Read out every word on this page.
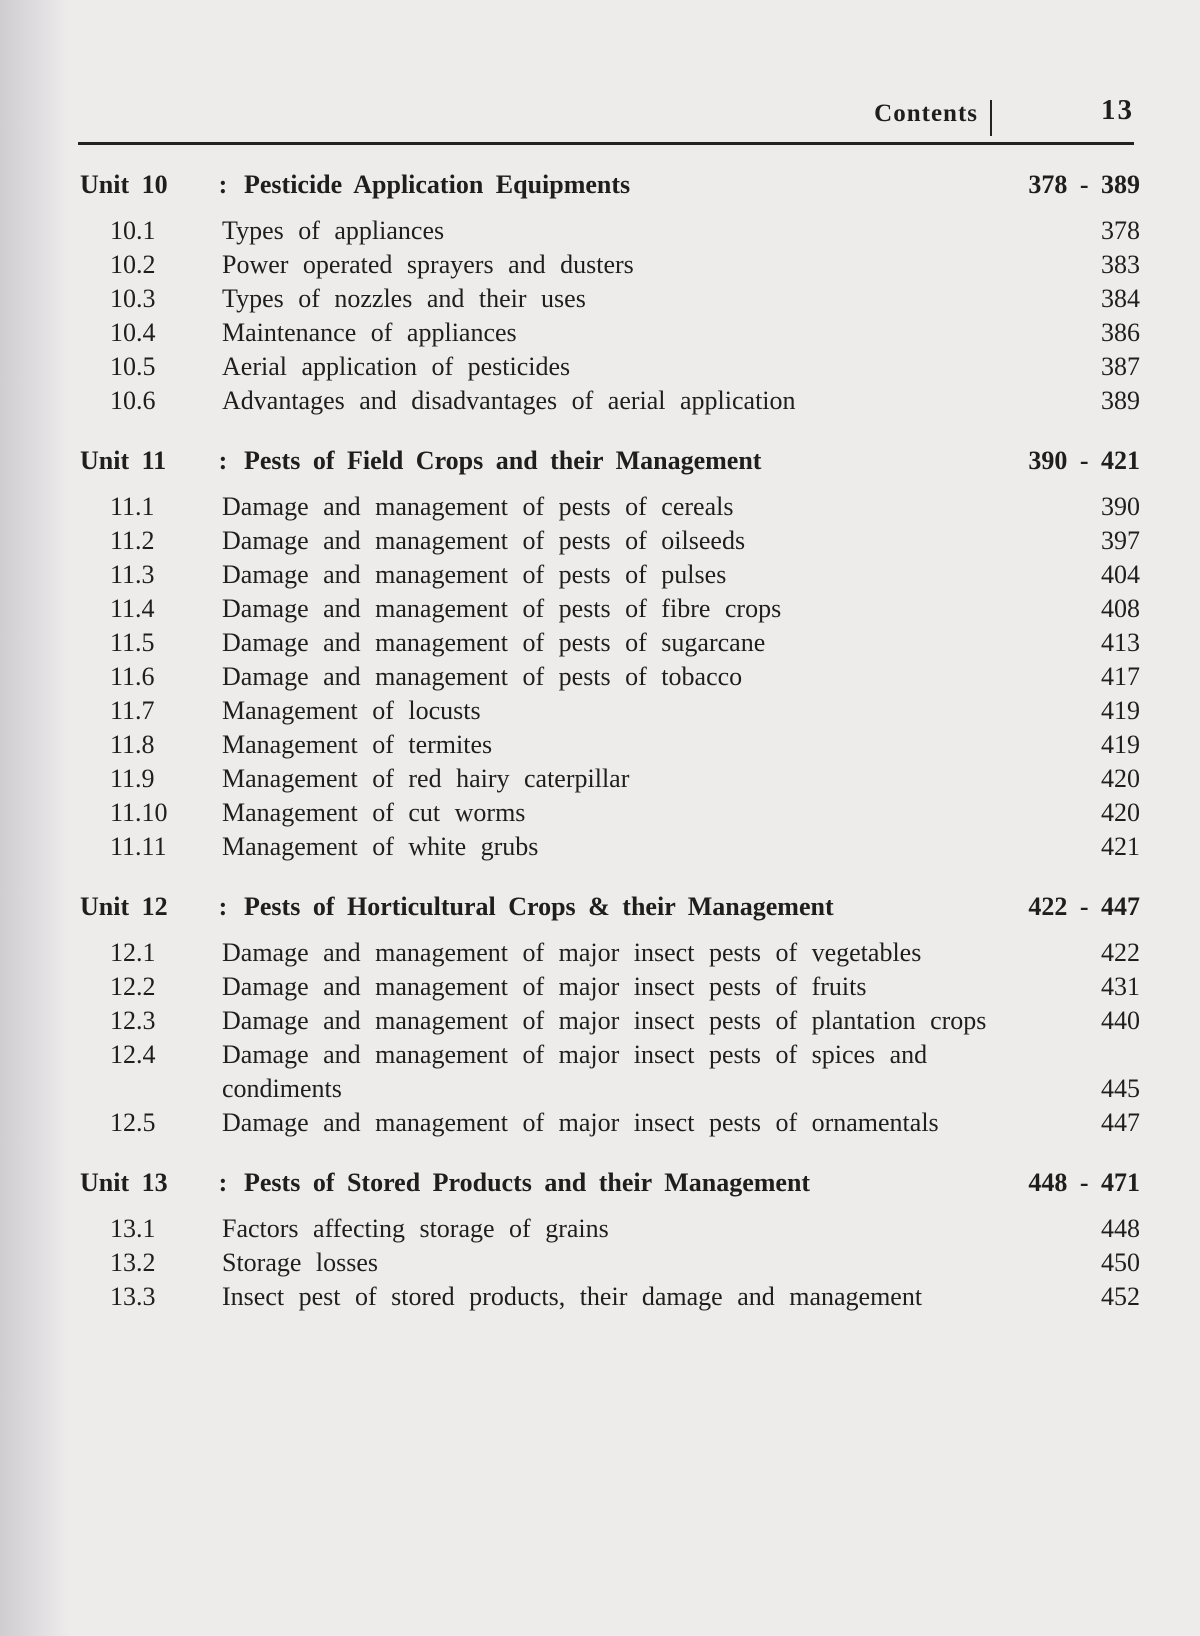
Contents	13
Unit 10	: Pesticide Application Equipments	378 - 389
10.1	Types of appliances	378
10.2	Power operated sprayers and dusters	383
10.3	Types of nozzles and their uses	384
10.4	Maintenance of appliances	386
10.5	Aerial application of pesticides	387
10.6	Advantages and disadvantages of aerial application	389
Unit 11	: Pests of Field Crops and their Management	390 - 421
11.1	Damage and management of pests of cereals	390
11.2	Damage and management of pests of oilseeds	397
11.3	Damage and management of pests of pulses	404
11.4	Damage and management of pests of fibre crops	408
11.5	Damage and management of pests of sugarcane	413
11.6	Damage and management of pests of tobacco	417
11.7	Management of locusts	419
11.8	Management of termites	419
11.9	Management of red hairy caterpillar	420
11.10	Management of cut worms	420
11.11	Management of white grubs	421
Unit 12	: Pests of Horticultural Crops & their Management	422 - 447
12.1	Damage and management of major insect pests of vegetables	422
12.2	Damage and management of major insect pests of fruits	431
12.3	Damage and management of major insect pests of plantation crops	440
12.4	Damage and management of major insect pests of spices and condiments	445
12.5	Damage and management of major insect pests of ornamentals	447
Unit 13	: Pests of Stored Products and their Management	448 - 471
13.1	Factors affecting storage of grains	448
13.2	Storage losses	450
13.3	Insect pest of stored products, their damage and management	452
